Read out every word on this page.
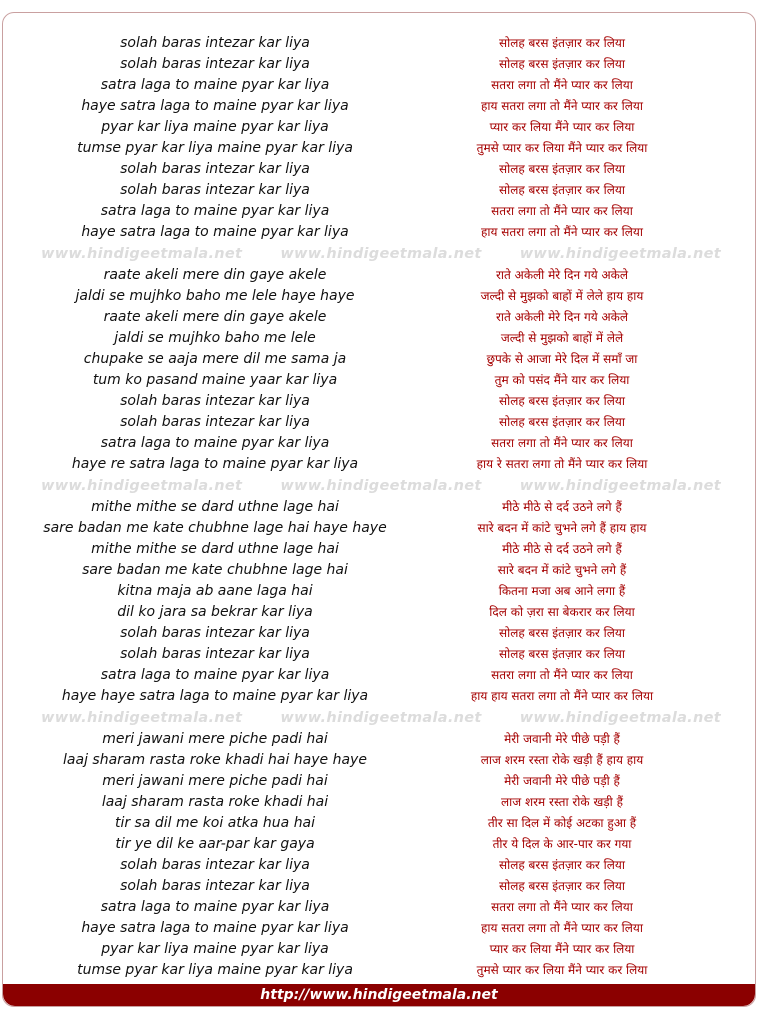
solah baras intezar kar liya	सोलह बरस इंतज़ार कर लिया
solah baras intezar kar liya	सोलह बरस इंतज़ार कर लिया
satra laga to maine pyar kar liya	सतरा लगा तो मैंने प्यार कर लिया
haye satra laga to maine pyar kar liya	हाय सतरा लगा तो मैंने प्यार कर लिया
pyar kar liya maine pyar kar liya	प्यार कर लिया मैंने प्यार कर लिया
tumse pyar kar liya maine pyar kar liya	तुमसे प्यार कर लिया मैंने प्यार कर लिया
solah baras intezar kar liya	सोलह बरस इंतज़ार कर लिया
solah baras intezar kar liya	सोलह बरस इंतज़ार कर लिया
satra laga to maine pyar kar liya	सतरा लगा तो मैंने प्यार कर लिया
haye satra laga to maine pyar kar liya	हाय सतरा लगा तो मैंने प्यार कर लिया
www.hindigeetmala.net	www.hindigeetmala.net	www.hindigeetmala.net
raate akeli mere din gaye akele	राते अकेली मेरे दिन गये अकेले
jaldi se mujhko baho me lele haye haye	जल्दी से मुझको बाहों में लेले हाय हाय
raate akeli mere din gaye akele	राते अकेली मेरे दिन गये अकेले
jaldi se mujhko baho me lele	जल्दी से मुझको बाहों में लेले
chupake se aaja mere dil me sama ja	छुपके से आजा मेरे दिल में समाँ जा
tum ko pasand maine yaar kar liya	तुम को पसंद मैंने यार कर लिया
solah baras intezar kar liya	सोलह बरस इंतज़ार कर लिया
solah baras intezar kar liya	सोलह बरस इंतज़ार कर लिया
satra laga to maine pyar kar liya	सतरा लगा तो मैंने प्यार कर लिया
haye re satra laga to maine pyar kar liya	हाय रे सतरा लगा तो मैंने प्यार कर लिया
www.hindigeetmala.net	www.hindigeetmala.net	www.hindigeetmala.net
mithe mithe se dard uthne lage hai	मीठे मीठे से दर्द उठने लगे हैं
sare badan me kate chubhne lage hai haye haye	सारे बदन में कांटे चुभने लगे हैं हाय हाय
mithe mithe se dard uthne lage hai	मीठे मीठे से दर्द उठने लगे हैं
sare badan me kate chubhne lage hai	सारे बदन में कांटे चुभने लगे हैं
kitna maja ab aane laga hai	कितना मजा अब आने लगा हैं
dil ko jara sa bekrar kar liya	दिल को ज़रा सा बेकरार कर लिया
solah baras intezar kar liya	सोलह बरस इंतज़ार कर लिया
solah baras intezar kar liya	सोलह बरस इंतज़ार कर लिया
satra laga to maine pyar kar liya	सतरा लगा तो मैंने प्यार कर लिया
haye haye satra laga to maine pyar kar liya	हाय हाय सतरा लगा तो मैंने प्यार कर लिया
www.hindigeetmala.net	www.hindigeetmala.net	www.hindigeetmala.net
meri jawani mere piche padi hai	मेरी जवानी मेरे पीछे पड़ी हैं
laaj sharam rasta roke khadi hai haye haye	लाज शरम रस्ता रोके खड़ी हैं हाय हाय
meri jawani mere piche padi hai	मेरी जवानी मेरे पीछे पड़ी हैं
laaj sharam rasta roke khadi hai	लाज शरम रस्ता रोके खड़ी हैं
tir sa dil me koi atka hua hai	तीर सा दिल में कोई अटका हुआ हैं
tir ye dil ke aar-par kar gaya	तीर ये दिल के आर-पार कर गया
solah baras intezar kar liya	सोलह बरस इंतज़ार कर लिया
solah baras intezar kar liya	सोलह बरस इंतज़ार कर लिया
satra laga to maine pyar kar liya	सतरा लगा तो मैंने प्यार कर लिया
haye satra laga to maine pyar kar liya	हाय सतरा लगा तो मैंने प्यार कर लिया
pyar kar liya maine pyar kar liya	प्यार कर लिया मैंने प्यार कर लिया
tumse pyar kar liya maine pyar kar liya	तुमसे प्यार कर लिया मैंने प्यार कर लिया
http://www.hindigeetmala.net
